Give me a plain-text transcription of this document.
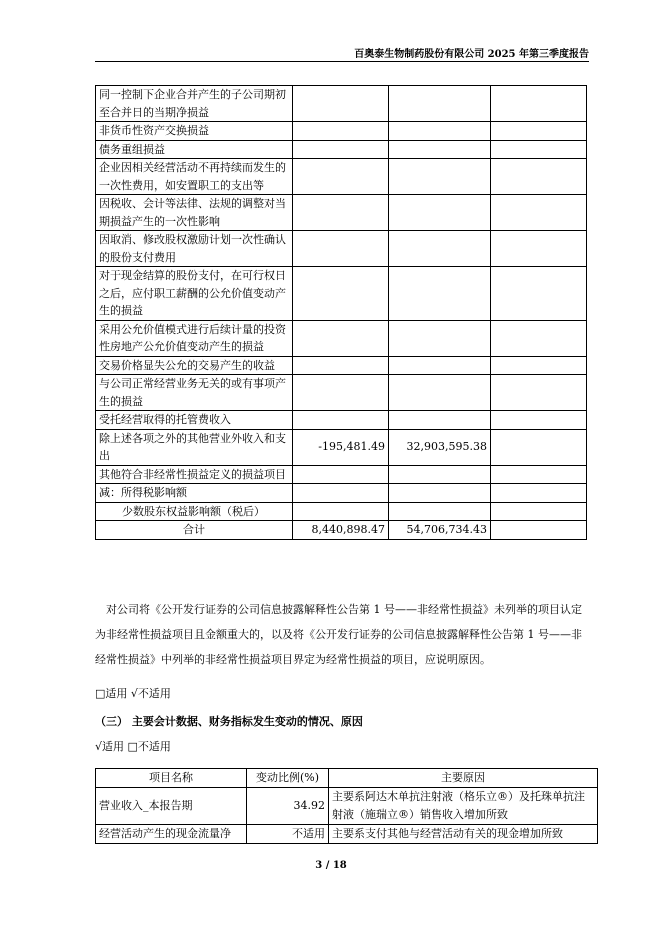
百奥泰生物制药股份有限公司 2025 年第三季度报告
同一控制下企业合并产生的子公司期初至合并日的当期净损益			
非货币性资产交换损益			
债务重组损益			
企业因相关经营活动不再持续而发生的一次性费用，如安置职工的支出等			
因税收、会计等法律、法规的调整对当期损益产生的一次性影响			
因取消、修改股权激励计划一次性确认的股份支付费用			
对于现金结算的股份支付，在可行权日之后，应付职工薪酬的公允价值变动产生的损益			
采用公允价值模式进行后续计量的投资性房地产公允价值变动产生的损益			
交易价格显失公允的交易产生的收益			
与公司正常经营业务无关的或有事项产生的损益			
受托经营取得的托管费收入			
除上述各项之外的其他营业外收入和支出	-195,481.49	32,903,595.38	
其他符合非经常性损益定义的损益项目			
减：所得税影响额			
少数股东权益影响额（税后）			
合计	8,440,898.47	54,706,734.43	
对公司将《公开发行证券的公司信息披露解释性公告第 1 号——非经常性损益》未列举的项目认定为非经常性损益项目且金额重大的，以及将《公开发行证券的公司信息披露解释性公告第 1 号——非经常性损益》中列举的非经常性损益项目界定为经常性损益的项目，应说明原因。
□适用 √不适用
（三） 主要会计数据、财务指标发生变动的情况、原因
√适用 □不适用
项目名称	变动比例(%)	主要原因
营业收入_本报告期	34.92	主要系阿达木单抗注射液（格乐立®）及托珠单抗注射液（施瑞立®）销售收入增加所致
经营活动产生的现金流量净	不适用	主要系支付其他与经营活动有关的现金增加所致
3 / 18
